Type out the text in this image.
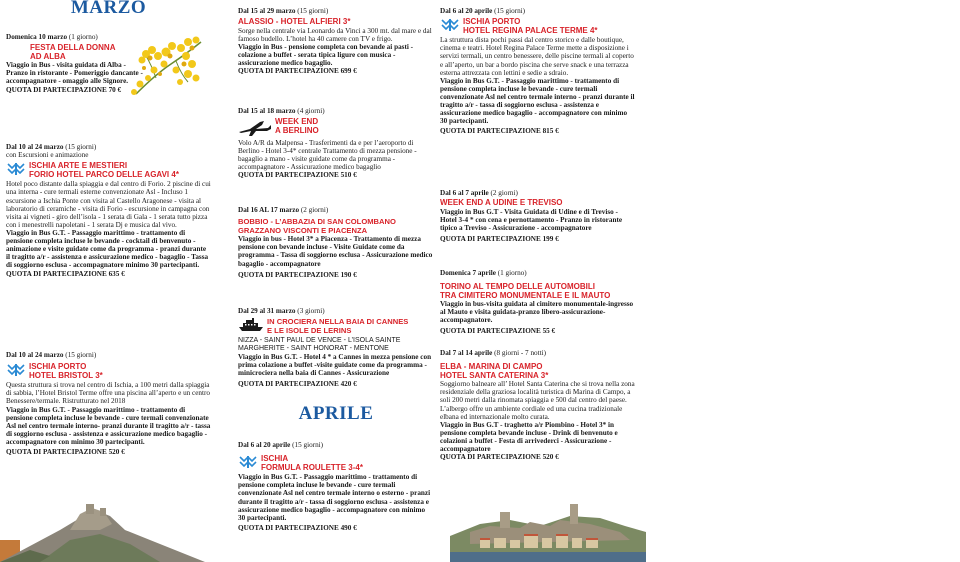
MARZO
Domenica 10 marzo (1 giorno)
FESTA DELLA DONNA
AD ALBA
Viaggio in Bus - visita guidata di Alba - Pranzo in ristorante - Pomeriggio dancante - accompagnatore - omaggio alle Signore.
QUOTA DI PARTECIPAZIONE 70 €
Dal 10 al 24 marzo (15 giorni)
con Escursioni e animazione
ISCHIA ARTE E MESTIERI
FORIO HOTEL PARCO DELLE AGAVI 4*
Hotel poco distante dalla spiaggia e dal centro di Forio. 2 piscine di cui una interna - cure termali esterne convenzionate Asl - Incluso 1 escursione a Ischia Ponte con visita al Castello Aragonese - visita al laboratorio di ceramiche - visita di Forio - escursione in campagna con visita ai vigneti - giro dell’isola - 1 serata di Gala - 1 serata tutto pizza con i menestrelli napoletani - 1 serata Dj e musica dal vivo.
Viaggio in Bus G.T. - Passaggio marittimo - trattamento di pensione completa incluse le bevande - cocktail di benvenuto -animazione e visite guidate come da programma - pranzi durante il tragitto a/r - assistenza e assicurazione medico - bagaglio - Tassa di soggiorno esclusa - accompagnatore minimo 30 partecipanti.
QUOTA DI PARTECIPAZIONE 635 €
Dal 10 al 24 marzo (15 giorni)
ISCHIA PORTO
HOTEL BRISTOL 3*
Questa struttura si trova nel centro di Ischia, a 100 metri dalla spiaggia di sabbia, l’Hotel Bristol Terme offre una piscina all’aperto e un centro Benessere/termale. Ristrutturato nel 2018
Viaggio in Bus G.T. - Passaggio marittimo - trattamento di pensione completa incluse le bevande - cure termali convenzionate Asl nel centro termale interno- pranzi durante il tragitto a/r - tassa di soggiorno esclusa - assistenza e assicurazione medico bagaglio - accompagnatore con minimo 30 partecipanti.
QUOTA DI PARTECIPAZIONE 520 €
Dal 15 al 29 marzo (15 giorni)
ALASSIO - HOTEL ALFIERI 3*
Sorge nella centrale via Leonardo da Vinci a 300 mt. dal mare e dal famoso budello. L’hotel ha 40 camere con TV e frigo.
Viaggio in Bus - pensione completa con bevande ai pasti - colazione a buffet - serata tipica ligure con musica - assicurazione medico bagaglio.
QUOTA DI PARTECIPAZIONE 699 €
Dal 15 al 18 marzo (4 giorni)
WEEK END
A BERLINO
Volo A/R da Malpensa - Trasferimenti da e per l’aeroporto di Berlino - Hotel 3-4* centrale Trattamento di mezza pensione - bagaglio a mano - visite guidate come da programma - accompagnatore - Assicurazione medico bagaglio
QUOTA DI PARTECIPAZIONE 510 €
Dal 16 AL 17 marzo (2 giorni)
BOBBIO - L’ABBAZIA DI SAN COLOMBANO
GRAZZANO VISCONTI E PIACENZA
Viaggio in bus - Hotel 3* a Piacenza - Trattamento di mezza pensione con bevande incluse - Visite Guidate come da programma - Tassa di soggiorno esclusa - Assicurazione medico bagaglio - accompagnatore
QUOTA DI PARTECIPAZIONE 190 €
Dal 29 al 31 marzo (3 giorni)
IN CROCIERA NELLA BAIA DI CANNES
E LE ISOLE DE LERINS
NIZZA - SAINT PAUL DE VENCE - L’ISOLA SAINTE MARGHERITE - SAINT HONORAT - MENTONE
Viaggio in Bus G.T. - Hotel 4 * a Cannes in mezza pensione con prima colazione a buffet -visite guidate come da programma - minicrociera nella baia di Cannes - Assicurazione
QUOTA DI PARTECIPAZIONE 420 €
APRILE
Dal 6 al 20 aprile (15 giorni)
ISCHIA
FORMULA ROULETTE 3-4*
Viaggio in Bus G.T. - Passaggio marittimo - trattamento di pensione completa incluse le bevande - cure termali convenzionate Asl nel centro termale interno o esterno - pranzi durante il tragitto a/r - tassa di soggiorno esclusa - assistenza e assicurazione medico bagaglio - accompagnatore con minimo 30 partecipanti.
QUOTA DI PARTECIPAZIONE 490 €
Dal 6 al 20 aprile (15 giorni)
ISCHIA PORTO
HOTEL REGINA PALACE TERME 4*
La struttura dista pochi passi dal centro storico e dalle boutique, cinema e teatri. Hotel Regina Palace Terme mette a disposizione i servizi termali, un centro benessere, delle piscine termali al coperto e all’aperto, un bar a bordo piscina che serve snack e una terrazza esterna attrezzata con lettini e sedie a sdraio.
Viaggio in Bus G.T. - Passaggio marittimo - trattamento di pensione completa incluse le bevande - cure termali convenzionate Asl nel centro termale interno - pranzi durante il tragitto a/r - tassa di soggiorno esclusa - assistenza e assicurazione medico bagaglio - accompagnatore con minimo 30 partecipanti.
QUOTA DI PARTECIPAZIONE 815 €
Dal 6 al 7 aprile (2 giorni)
WEEK END A UDINE E TREVISO
Viaggio in Bus G.T - Visita Guidata di Udine e di Treviso - Hotel 3-4 * con cena e pernottamento - Pranzo in ristorante tipico a Treviso - Assicurazione - accompagnatore
QUOTA DI PARTECIPAZIONE 199 €
Domenica 7 aprile (1 giorno)
TORINO AL TEMPO DELLE AUTOMOBILI
TRA CIMITERO MONUMENTALE E IL MAUTO
Viaggio in bus-visita guidata al cimitero monumentale-ingresso al Mauto e visita guidata-pranzo libero-assicurazione-accompagnatore.
QUOTA DI PARTECIPAZIONE 55 €
Dal 7 al 14 aprile (8 giorni - 7 notti)
ELBA - MARINA DI CAMPO
HOTEL SANTA CATERINA 3*
Soggiorno balneare all’ Hotel Santa Caterina che si trova nella zona residenziale della graziosa località turistica di Marina di Campo, a soli 200 metri dalla rinomata spiaggia e 500 dal centro del paese. L’albergo offre un ambiente cordiale ed una cucina tradizionale elbana ed internazionale molto curata.
Viaggio in Bus G.T - traghetto a/r Piombino - Hotel 3* in pensione completa bevande incluse - Drink di benvenuto e colazioni a buffet - Festa di arrivederci - Assicurazione - accompagnatore
QUOTA DI PARTECIPAZIONE 520 €
